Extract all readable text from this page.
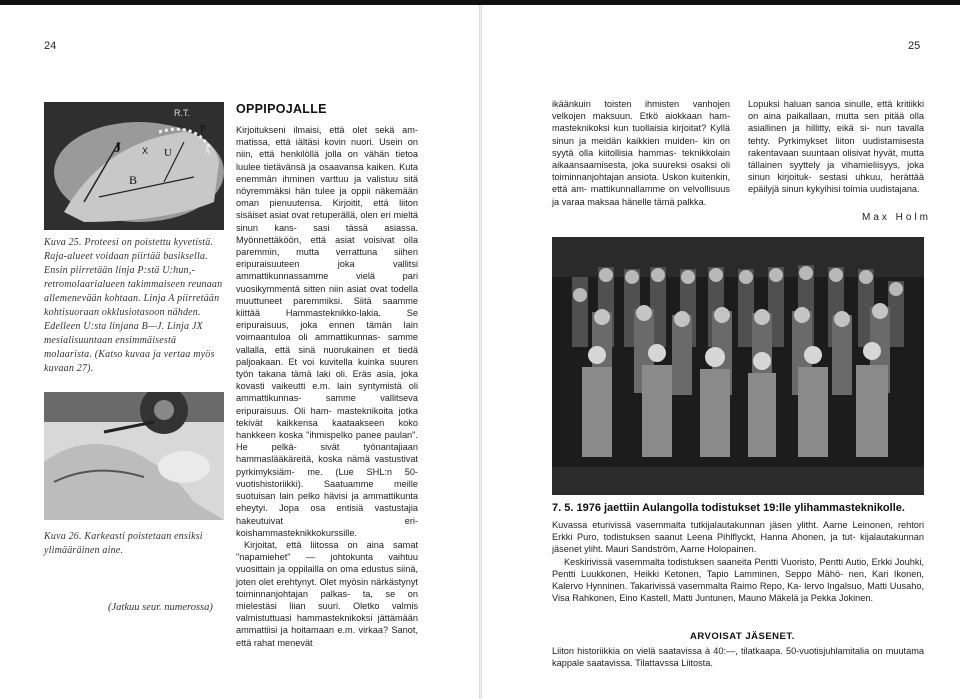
24
R.T.
J X
B
U
P
A
Kuva 25. Proteesi on poistettu kyvetistä. Raja-alueet voidaan piirtää basiksella. Ensin piirretään linja P:stä U:hun,- retromolaarialueen takimmaiseen reunaan allemenevään kohtaan. Linja A piirretään kohtisuoraan okklusiotasoon nähden. Edelleen U:sta linjana B—J. Linja JX mesialisuuntaan ensimmäisestä molaarista. (Katso kuvaa ja vertaa myös kuvaan 27).
Kuva 26. Karkeasti poistetaan ensiksi ylimääräinen aine.
(Jatkuu seur. numerossa)
OPPIPOJALLE

Kirjoitukseni ilmaisi, että olet sekä am- matissa, että iältäsi kovin nuori. Usein on niin, että henkilöllä jolla on vähän tietoa luulee tietävänsä ja osaavansa kaiken. Kuta enemmän ihminen varttuu ja valistuu sitä nöyremmäksi hän tulee ja oppii näkemään oman pienuutensa. Kirjoitit, että liiton sisäiset asiat ovat retuperällä, olen eri mieltä sinun kans- sasi tässä asiassa. Myönnettäköön, että asiat voisivat olla paremmin, mutta verrattuna siihen eripuraisuuteen joka vallitsi ammattikunnassamme vielä pari vuosikymmentä sitten niin asiat ovat todella muuttuneet paremmiksi. Siitä saamme kiittää Hammasteknikko-lakia. Se eripuraisuus, joka ennen tämän lain voimaantuloa oli ammattikunnas- samme vallalla, että sinä nuorukainen et tiedä paljoakaan. Et voi kuvitella kuinka suuren työn takana tämä laki oli. Eräs asia, joka kovasti vaikeutti e.m. lain syntymistä oli ammattikunnas- samme vallitseva eripuraisuus. Oli ham- masteknikoita jotka tekivät kaikkensa kaataakseen koko hankkeen koska "ihmispelko panee paulan". He pelkä- sivät työnantajiaan hammaslääkäreitä, koska nämä vastustivat pyrkimyksiäm- me. (Lue SHL:n 50-vuotishistoriikki). Saatuamme meille suotuisan lain pelko hävisi ja ammattikunta eheytyi. Jopa osa entisiä vastustajia hakeutuivat eri- koishammasteknikkokurssille.

Kirjoitat, että liitossa on aina samat "napamiehet" — johtokunta vaihtuu vuosittain ja oppilailla on oma edustus siinä, joten olet erehtynyt. Olet myösin närkästynyt toiminnanjohtajan palkas- ta, se on mielestäsi liian suuri. Oletko valmis valmistuttuasi hammasteknikoksi jättämään ammattiisi ja hoitamaan e.m. virkaa? Sanot, että rahat menevät

25
ikäänkuin toisten ihmisten vanhojen velkojen maksuun. Etkö aiokkaan ham- masteknikoksi kun tuollaisia kirjoitat? Kyllä sinun ja meidän kaikkien muiden- kin on syytä olla kiitollisia hammas- teknikkolain aikaansaamisesta, joka suureksi osaksi oli toiminnanjohtajan ansiota. Uskon kuitenkin, että am- mattikunnallamme on velvollisuus ja varaa maksaa hänelle tämä palkka.
Lopuksi haluan sanoa sinulle, että kritiikki on aina paikallaan, mutta sen pitää olla asiallinen ja hillitty, eikä si- nun tavalla tehty. Pyrkimykset liiton uudistamisesta rakentavaan suuntaan olisivat hyvät, mutta tällainen syyttely ja vihamieliisyys, joka sinun kirjoituk- sestasi uhkuu, herättää epäilyjä sinun kykyihisi toimia uudistajana.
Max Holm
7. 5. 1976 jaettiin Aulangolla todistukset 19:lle ylihammasteknikolle.

Kuvassa eturivissä vasemmalta tutkijalautakunnan jäsen ylitht. Aarne Leinonen, rehtori Erkki Puro, todistuksen saanut Leena Pihlflyckt, Hanna Ahonen, ja tut- kijalautakunnan jäsenet yliht. Mauri Sandström, Aarne Holopainen.

Keskirivissä vasemmalta todistuksen saaneita Pentti Vuoristo, Pentti Autio, Erkki Jouhki, Pentti Luukkonen, Heikki Ketonen, Tapio Lamminen, Seppo Mähö- nen, Kari Ikonen, Kalervo Hynninen. Takarivissä vasemmalta Raimo Repo, Ka- lervo Ingalsuo, Matti Uusaho, Visa Rahkonen, Eino Kastell, Matti Juntunen, Mauno Mäkelä ja Pekka Jokinen.

ARVOISAT JÄSENET.
Liiton historiikkia on vielä saatavissa à 40:—, tilatkaapa. 50-vuotisjuhlamitalia on muutama kappale saatavissa. Tilattavssa Liitosta.
